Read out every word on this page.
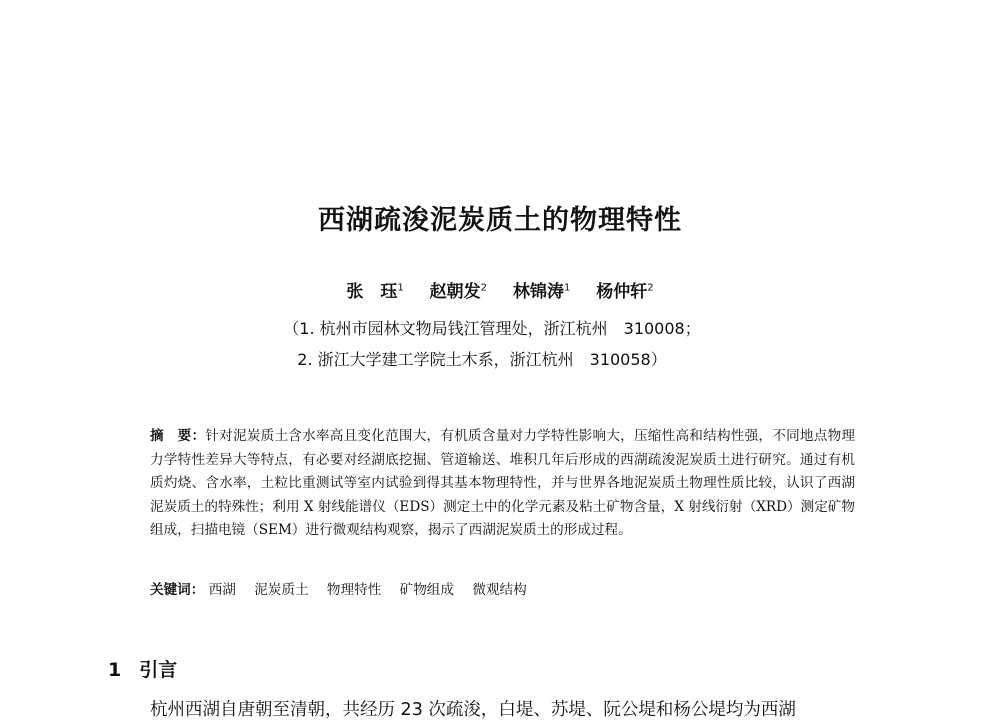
西湖疏浚泥炭质土的物理特性
张　珏$^1$ 赵朝发$^2$ 林锦涛$^1$ 杨仲轩$^2$
（1. 杭州市园林文物局钱江管理处，浙江杭州　310008；
2. 浙江大学建工学院土木系，浙江杭州　310058）
摘　要：针对泥炭质土含水率高且变化范围大，有机质含量对力学特性影响大，压缩性高和结构性强，不同地点物理力学特性差异大等特点，有必要对经湖底挖掘、管道输送、堆积几年后形成的西湖疏浚泥炭质土进行研究。通过有机质灼烧、含水率，土粒比重测试等室内试验到得其基本物理特性，并与世界各地泥炭质土物理性质比较，认识了西湖泥炭质土的特殊性；利用 X 射线能谱仪（EDS）测定土中的化学元素及粘土矿物含量，X 射线衍射（XRD）测定矿物组成，扫描电镜（SEM）进行微观结构观察，揭示了西湖泥炭质土的形成过程。
关键词： 西湖 泥炭质土 物理特性 矿物组成 微观结构
1 引言
杭州西湖自唐朝至清朝，共经历 23 次疏浚，白堤、苏堤、阮公堤和杨公堤均为西湖
